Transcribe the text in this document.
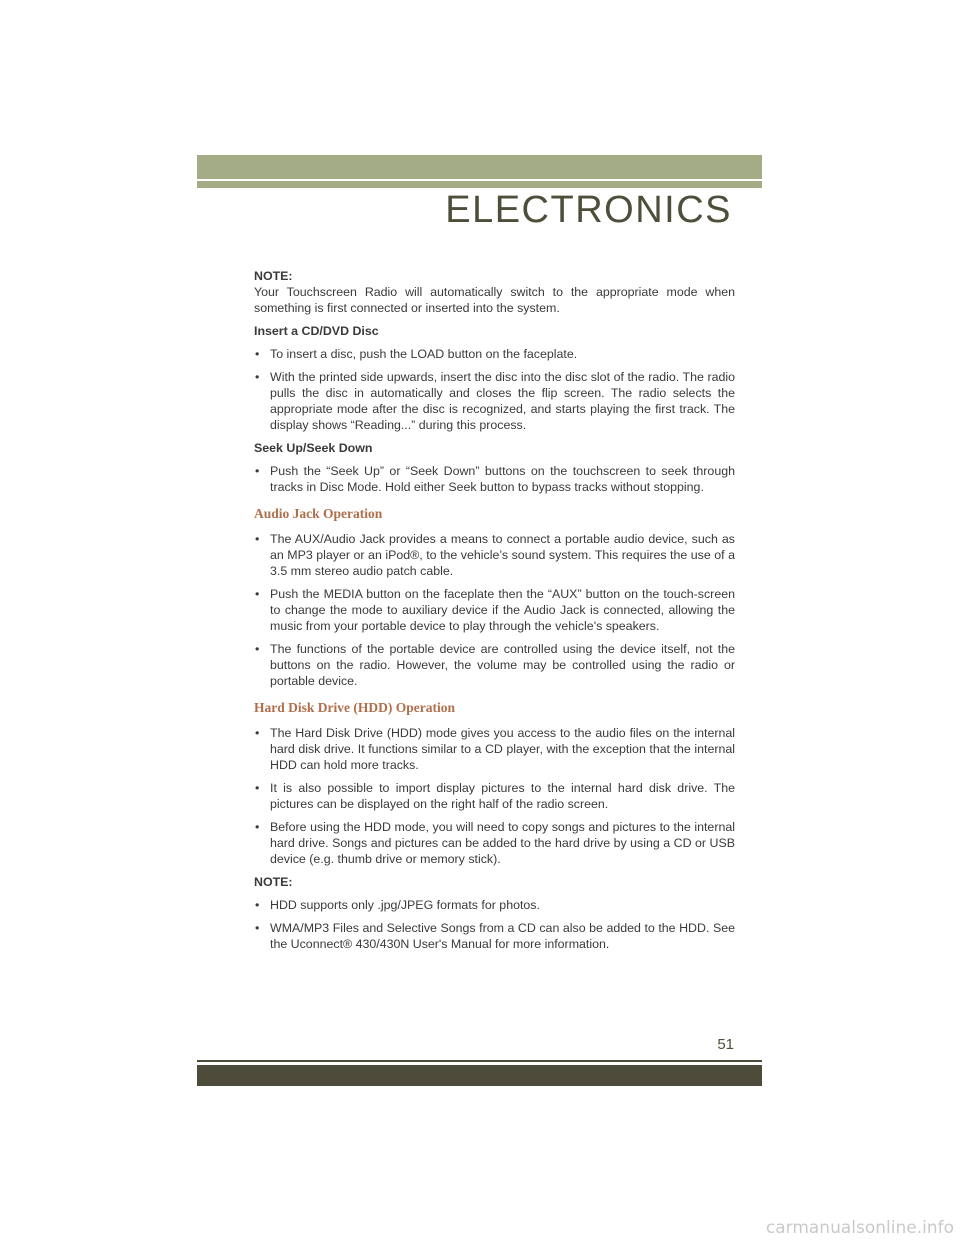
ELECTRONICS
NOTE:

Your Touchscreen Radio will automatically switch to the appropriate mode when something is first connected or inserted into the system.

Insert a CD/DVD Disc
• To insert a disc, push the LOAD button on the faceplate.
• With the printed side upwards, insert the disc into the disc slot of the radio. The radio pulls the disc in automatically and closes the flip screen. The radio selects the appropriate mode after the disc is recognized, and starts playing the first track. The display shows “Reading...” during this process.
Seek Up/Seek Down
• Push the “Seek Up” or “Seek Down” buttons on the touchscreen to seek through tracks in Disc Mode. Hold either Seek button to bypass tracks without stopping.
Audio Jack Operation
• The AUX/Audio Jack provides a means to connect a portable audio device, such as an MP3 player or an iPod®, to the vehicle’s sound system. This requires the use of a 3.5 mm stereo audio patch cable.
• Push the MEDIA button on the faceplate then the “AUX” button on the touch-screen to change the mode to auxiliary device if the Audio Jack is connected, allowing the music from your portable device to play through the vehicle's speakers.
• The functions of the portable device are controlled using the device itself, not the buttons on the radio. However, the volume may be controlled using the radio or portable device.
Hard Disk Drive (HDD) Operation
• The Hard Disk Drive (HDD) mode gives you access to the audio files on the internal hard disk drive. It functions similar to a CD player, with the exception that the internal HDD can hold more tracks.
• It is also possible to import display pictures to the internal hard disk drive. The pictures can be displayed on the right half of the radio screen.
• Before using the HDD mode, you will need to copy songs and pictures to the internal hard drive. Songs and pictures can be added to the hard drive by using a CD or USB device (e.g. thumb drive or memory stick).
NOTE:
• HDD supports only .jpg/JPEG formats for photos.
• WMA/MP3 Files and Selective Songs from a CD can also be added to the HDD. See the Uconnect® 430/430N User's Manual for more information.
51
carmanualsonline.info
